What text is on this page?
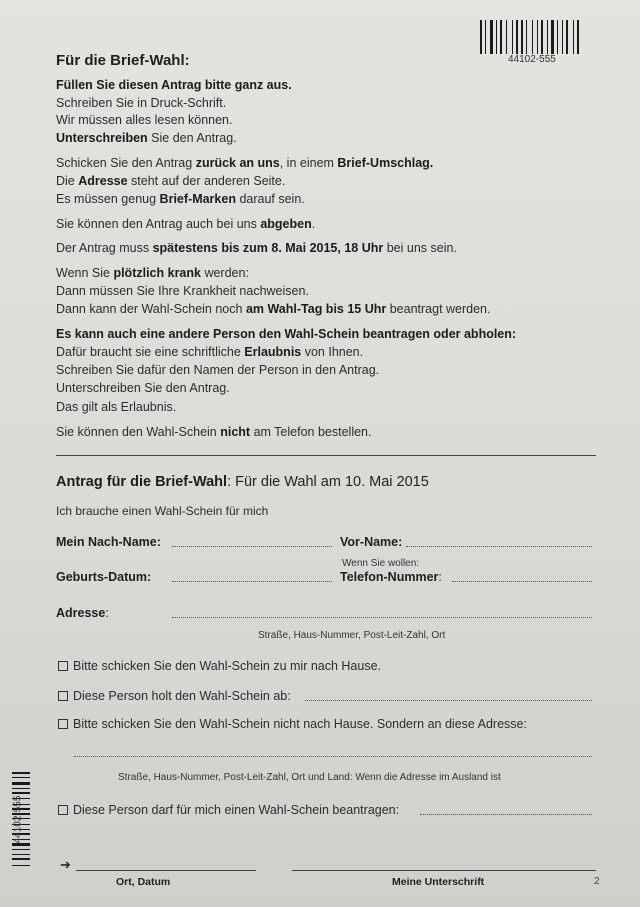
44102-555
44102-555
Für die Brief-Wahl:
Füllen Sie diesen Antrag bitte ganz aus.
Schreiben Sie in Druck-Schrift.
Wir müssen alles lesen können.
Unterschreiben Sie den Antrag.
Schicken Sie den Antrag zurück an uns, in einem Brief-Umschlag.
Die Adresse steht auf der anderen Seite.
Es müssen genug Brief-Marken darauf sein.
Sie können den Antrag auch bei uns abgeben.
Der Antrag muss spätestens bis zum 8. Mai 2015, 18 Uhr bei uns sein.
Wenn Sie plötzlich krank werden:
Dann müssen Sie Ihre Krankheit nachweisen.
Dann kann der Wahl-Schein noch am Wahl-Tag bis 15 Uhr beantragt werden.
Es kann auch eine andere Person den Wahl-Schein beantragen oder abholen:
Dafür braucht sie eine schriftliche Erlaubnis von Ihnen.
Schreiben Sie dafür den Namen der Person in den Antrag.
Unterschreiben Sie den Antrag.
Das gilt als Erlaubnis.
Sie können den Wahl-Schein nicht am Telefon bestellen.
Antrag für die Brief-Wahl: Für die Wahl am 10. Mai 2015
Ich brauche einen Wahl-Schein für mich
Mein Nach-Name:	Vor-Name:
Wenn Sie wollen:
Geburts-Datum:	Telefon-Nummer:
Adresse:
Straße, Haus-Nummer, Post-Leit-Zahl, Ort
Bitte schicken Sie den Wahl-Schein zu mir nach Hause.
Diese Person holt den Wahl-Schein ab:
Bitte schicken Sie den Wahl-Schein nicht nach Hause. Sondern an diese Adresse:
Straße, Haus-Nummer, Post-Leit-Zahl, Ort und Land: Wenn die Adresse im Ausland ist
Diese Person darf für mich einen Wahl-Schein beantragen:
➔
Ort, Datum	Meine Unterschrift	2
